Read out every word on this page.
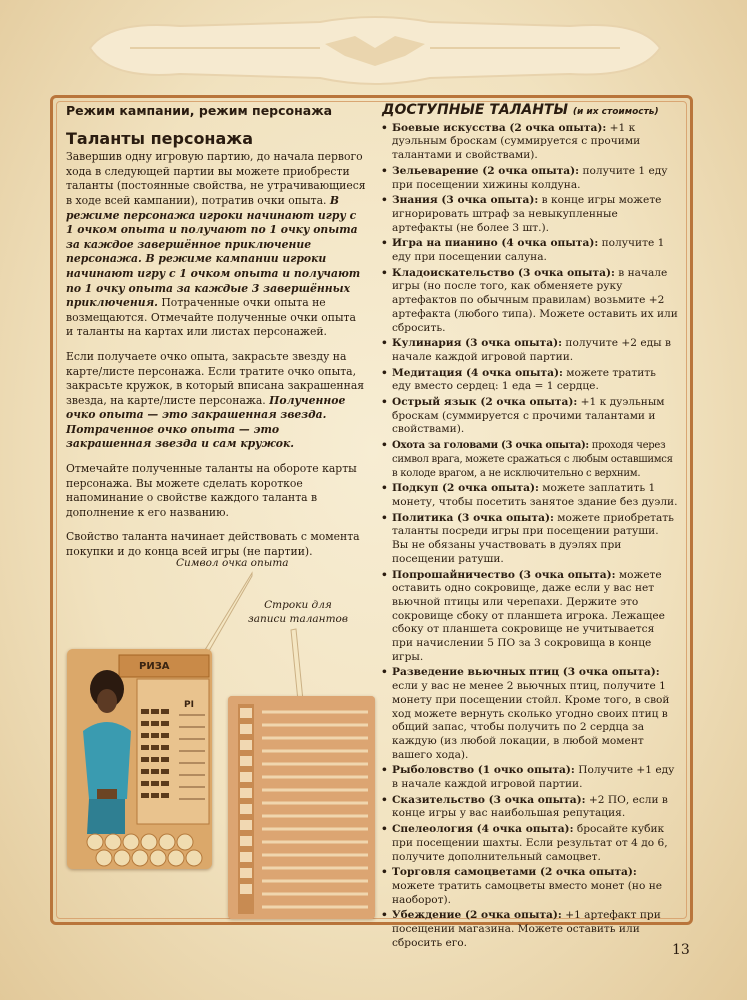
Режим кампании, режим персонажа
Таланты персонажа

Завершив одну игровую партию, до начала первого хода в следующей партии вы можете приобрести таланты (постоянные свойства, не утрачивающиеся в ходе всей кампании), потратив очки опыта. В режиме персонажа игроки начинают игру с 1 очком опыта и получают по 1 очку опыта за каждое завершённое приключение персонажа. В режиме кампании игроки начинают игру с 1 очком опыта и получают по 1 очку опыта за каждые 3 завершённых приключения. Потраченные очки опыта не возмещаются. Отмечайте полученные очки опыта и таланты на картах или листах персонажей.

Если получаете очко опыта, закрасьте звезду на карте/листе персонажа. Если тратите очко опыта, закрасьте кружок, в который вписана закрашенная звезда, на карте/листе персонажа. Полученное очко опыта — это закрашенная звезда. Потраченное очко опыта — это закрашенная звезда и сам кружок.

Отмечайте полученные таланты на обороте карты персонажа. Вы можете сделать короткое напоминание о свойстве каждого таланта в дополнение к его названию.

Свойство таланта начинает действовать с момента покупки и до конца всей игры (не партии).

Символ очка опыта
Строки для записи талантов
РИЗА
PI
ДОСТУПНЫЕ ТАЛАНТЫ (и их стоимость)
• Боевые искусства (2 очка опыта): +1 к дуэльным броскам (суммируется с прочими талантами и свойствами).
• Зельеварение (2 очка опыта): получите 1 еду при посещении хижины колдуна.
• Знания (3 очка опыта): в конце игры можете игнорировать штраф за невыкупленные артефакты (не более 3 шт.).
• Игра на пианино (4 очка опыта): получите 1 еду при посещении салуна.
• Кладоискательство (3 очка опыта): в начале игры (но после того, как обменяете руку артефактов по обычным правилам) возьмите +2 артефакта (любого типа). Можете оставить их или сбросить.
• Кулинария (3 очка опыта): получите +2 еды в начале каждой игровой партии.
• Медитация (4 очка опыта): можете тратить еду вместо сердец: 1 еда = 1 сердце.
• Острый язык (2 очка опыта): +1 к дуэльным броскам (суммируется с прочими талантами и свойствами).
• Охота за головами (3 очка опыта): проходя через символ врага, можете сражаться с любым оставшимся в колоде врагом, а не исключительно с верхним.
• Подкуп (2 очка опыта): можете заплатить 1 монету, чтобы посетить занятое здание без дуэли.
• Политика (3 очка опыта): можете приобретать таланты посреди игры при посещении ратуши. Вы не обязаны участвовать в дуэлях при посещении ратуши.
• Попрошайничество (3 очка опыта): можете оставить одно сокровище, даже если у вас нет вьючной птицы или черепахи. Держите это сокровище сбоку от планшета игрока. Лежащее сбоку от планшета сокровище не учитывается при начислении 5 ПО за 3 сокровища в конце игры.
• Разведение вьючных птиц (3 очка опыта): если у вас не менее 2 вьючных птиц, получите 1 монету при посещении стойл. Кроме того, в свой ход можете вернуть сколько угодно своих птиц в общий запас, чтобы получить по 2 сердца за каждую (из любой локации, в любой момент вашего хода).
• Рыболовство (1 очко опыта): Получите +1 еду в начале каждой игровой партии.
• Сказительство (3 очка опыта): +2 ПО, если в конце игры у вас наибольшая репутация.
• Спелеология (4 очка опыта): бросайте кубик при посещении шахты. Если результат от 4 до 6, получите дополнительный самоцвет.
• Торговля самоцветами (2 очка опыта): можете тратить самоцветы вместо монет (но не наоборот).
• Убеждение (2 очка опыта): +1 артефакт при посещении магазина. Можете оставить или сбросить его.	13
